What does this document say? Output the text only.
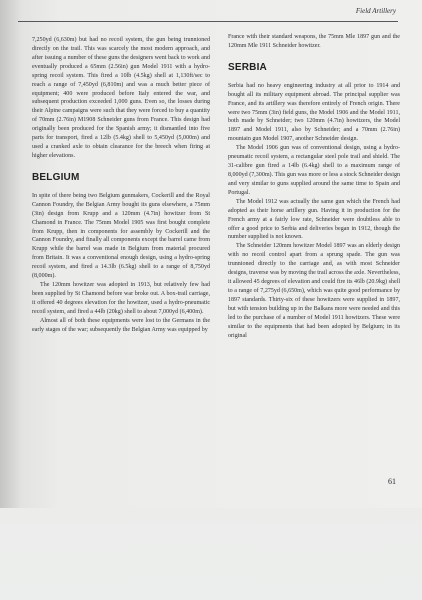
Field Artillery

7,250yd (6,630m) but had no recoil system, the gun being trunnioned directly on the trail. This was scarcely the most modern approach, and after issuing a number of these guns the designers went back to work and eventually produced a 65mm (2.56in) gun Model 1911 with a hydro-spring recoil system. This fired a 10lb (4.5kg) shell at 1,130ft/sec to reach a range of 7,450yd (6,810m) and was a much better piece of equipment; 400 were produced before Italy entered the war, and subsequent production exceeded 1,000 guns. Even so, the losses during their Alpine campaigns were such that they were forced to buy a quantity of 70mm (2.76in) M1908 Schneider guns from France. This design had originally been produced for the Spanish army; it dismantled into five parts for transport, fired a 12lb (5.4kg) shell to 5,450yd (5,000m) and used a cranked axle to obtain clearance for the breech when firing at higher elevations.

BELGIUM

In spite of there being two Belgium gunmakers, Cockerill and the Royal Cannon Foundry, the Belgian Army bought its guns elsewhere, a 75mm (3in) design from Krupp and a 120mm (4.7in) howitzer from St Chamond in France. The 75mm Model 1905 was first bought complete from Krupp, then in components for assembly by Cockerill and the Cannon Foundry, and finally all components except the barrel came from Krupp while the barrel was made in Belgium from material procured from Britain. It was a conventional enough design, using a hydro-spring recoil system, and fired a 14.3lb (6.5kg) shell to a range of 8,750yd (8,000m).

The 120mm howitzer was adopted in 1913, but relatively few had been supplied by St Chamond before war broke out. A box-trail carriage, it offered 40 degrees elevation for the howitzer, used a hydro-pneumatic recoil system, and fired a 44lb (20kg) shell to about 7,000yd (6,400m).

Almost all of both these equipments were lost to the Germans in the early stages of the war; subsequently the Belgian Army was equipped by

France with their standard weapons, the 75mm Mle 1897 gun and the 120mm Mle 1911 Schneider howitzer.

SERBIA

Serbia had no heavy engineering industry at all prior to 1914 and bought all its military equipment abroad. The principal supplier was France, and its artillery was therefore entirely of French origin. There were two 75mm (3in) field guns, the Model 1906 and the Model 1911, both made by Schneider; two 120mm (4.7in) howitzers, the Model 1897 and Model 1911, also by Schneider; and a 70mm (2.76in) mountain gun Model 1907, another Schneider design.

The Model 1906 gun was of conventional design, using a hydro-pneumatic recoil system, a rectangular steel pole trail and shield. The 31-calibre gun fired a 14lb (6.4kg) shell to a maximum range of 8,000yd (7,300m). This gun was more or less a stock Schneider design and very similar to guns supplied around the same time to Spain and Portugal.

The Model 1912 was actually the same gun which the French had adopted as their horse artillery gun. Having it in production for the French army at a fairly low rate, Schneider were doubtless able to offer a good price to Serbia and deliveries began in 1912, though the number supplied is not known.

The Schneider 120mm howitzer Model 1897 was an elderly design with no recoil control apart from a sprung spade. The gun was trunnioned directly to the carriage and, as with most Schneider designs, traverse was by moving the trail across the axle. Nevertheless, it allowed 45 degrees of elevation and could fire its 46lb (20.9kg) shell to a range of 7,275yd (6,650m), which was quite good performance by 1897 standards. Thirty-six of these howitzers were supplied in 1897, but with tension building up in the Balkans more were needed and this led to the purchase of a number of Model 1911 howitzers. These were similar to the equipments that had been adopted by Belgium; in its original

61
